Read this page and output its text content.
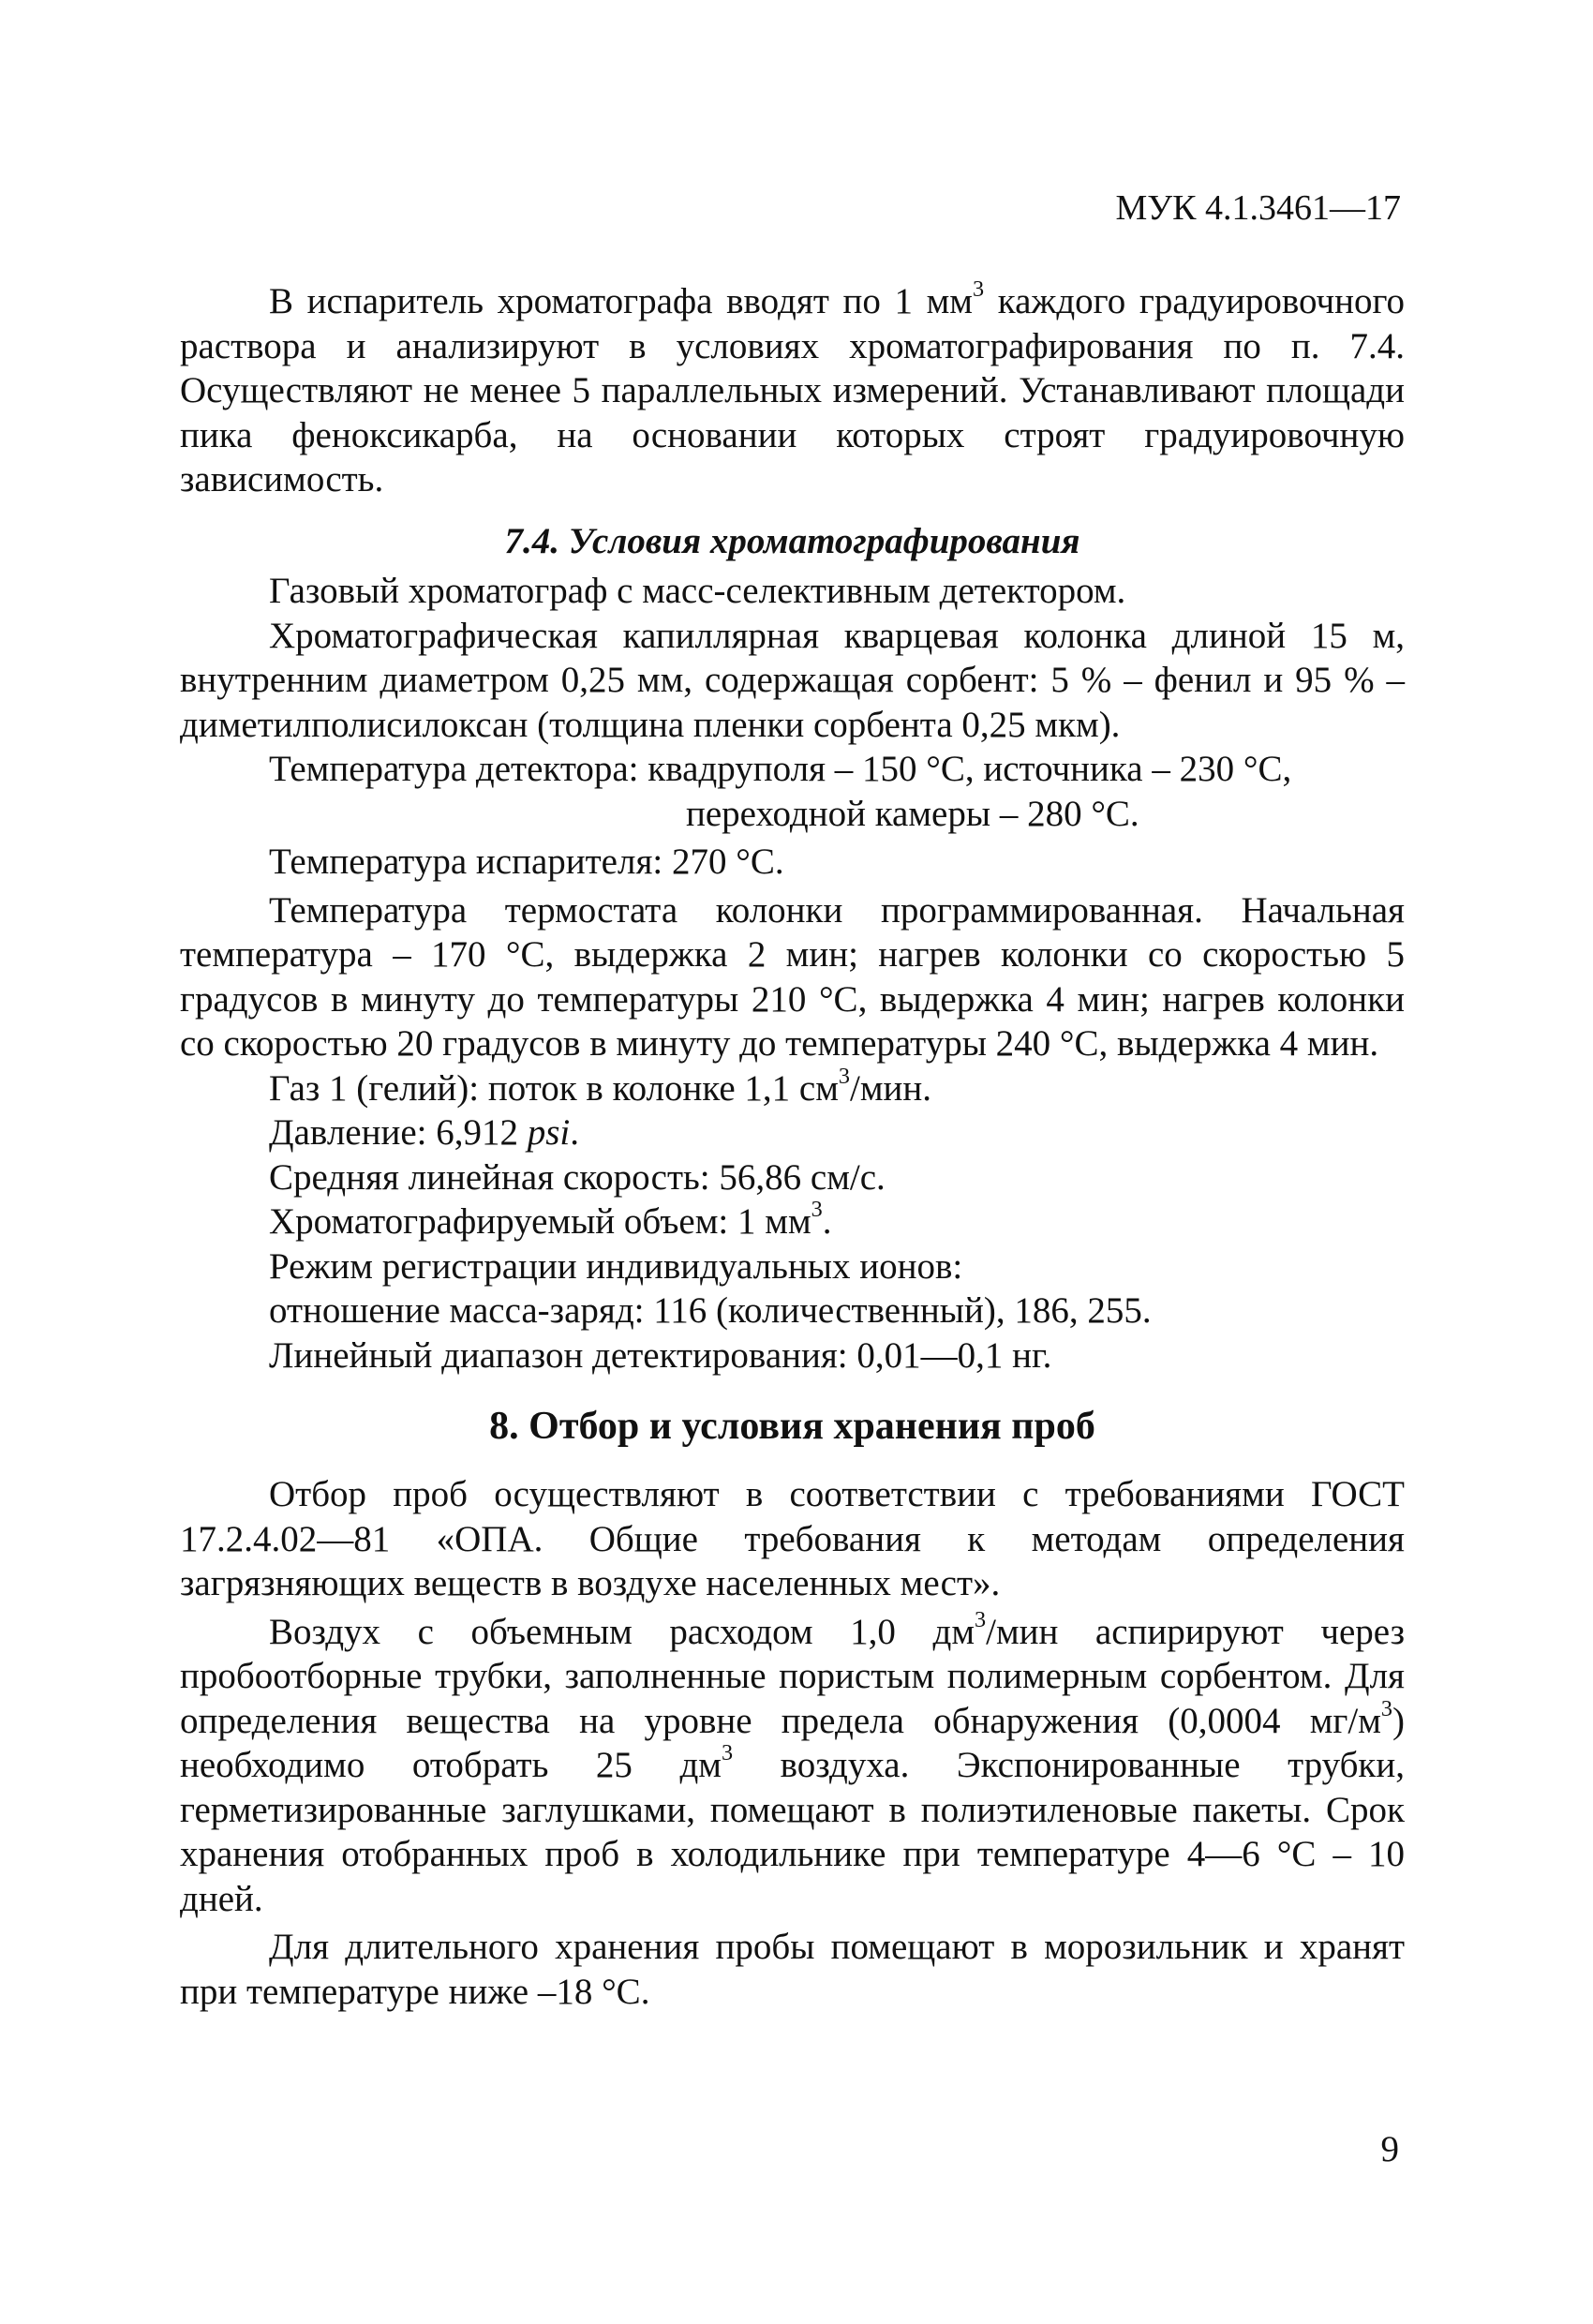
МУК 4.1.3461—17

В испаритель хроматографа вводят по 1 $мм^3$ каждого градуировочного раствора и анализируют в условиях хроматографирования по п. 7.4. Осуществляют не менее 5 параллельных измерений. Устанавливают площади пика феноксикарба, на основании которых строят градуировочную зависимость.

7.4. Условия хроматографирования

Газовый хроматограф с масс-селективным детектором.

Хроматографическая капиллярная кварцевая колонка длиной 15 м, внутренним диаметром 0,25 мм, содержащая сорбент: 5 % – фенил и 95 % – диметилполисилоксан (толщина пленки сорбента 0,25 мкм).

Температура детектора: квадруполя – 150 °С, источника – 230 °С,

переходной камеры – 280 °С.

Температура испарителя: 270 °С.

Температура термостата колонки программированная. Начальная температура – 170 °С, выдержка 2 мин; нагрев колонки со скоростью 5 градусов в минуту до температуры 210 °С, выдержка 4 мин; нагрев колонки со скоростью 20 градусов в минуту до температуры 240 °С, выдержка 4 мин.

Газ 1 (гелий): поток в колонке 1,1 $см^3$/мин.

Давление: 6,912 psi.

Средняя линейная скорость: 56,86 см/с.

Хроматографируемый объем: 1 $мм^3$.

Режим регистрации индивидуальных ионов:

отношение масса-заряд: 116 (количественный), 186, 255.

Линейный диапазон детектирования: 0,01—0,1 нг.

8. Отбор и условия хранения проб

Отбор проб осуществляют в соответствии с требованиями ГОСТ 17.2.4.02—81 «ОПА. Общие требования к методам определения загрязняющих веществ в воздухе населенных мест».

Воздух с объемным расходом 1,0 $дм^3$/мин аспирируют через пробоотборные трубки, заполненные пористым полимерным сорбентом. Для определения вещества на уровне предела обнаружения (0,0004 $мг/м^3$) необходимо отобрать 25 $дм^3$ воздуха. Экспонированные трубки, герметизированные заглушками, помещают в полиэтиленовые пакеты. Срок хранения отобранных проб в холодильнике при температуре 4—6 °С – 10 дней.

Для длительного хранения пробы помещают в морозильник и хранят при температуре ниже –18 °С.

9
